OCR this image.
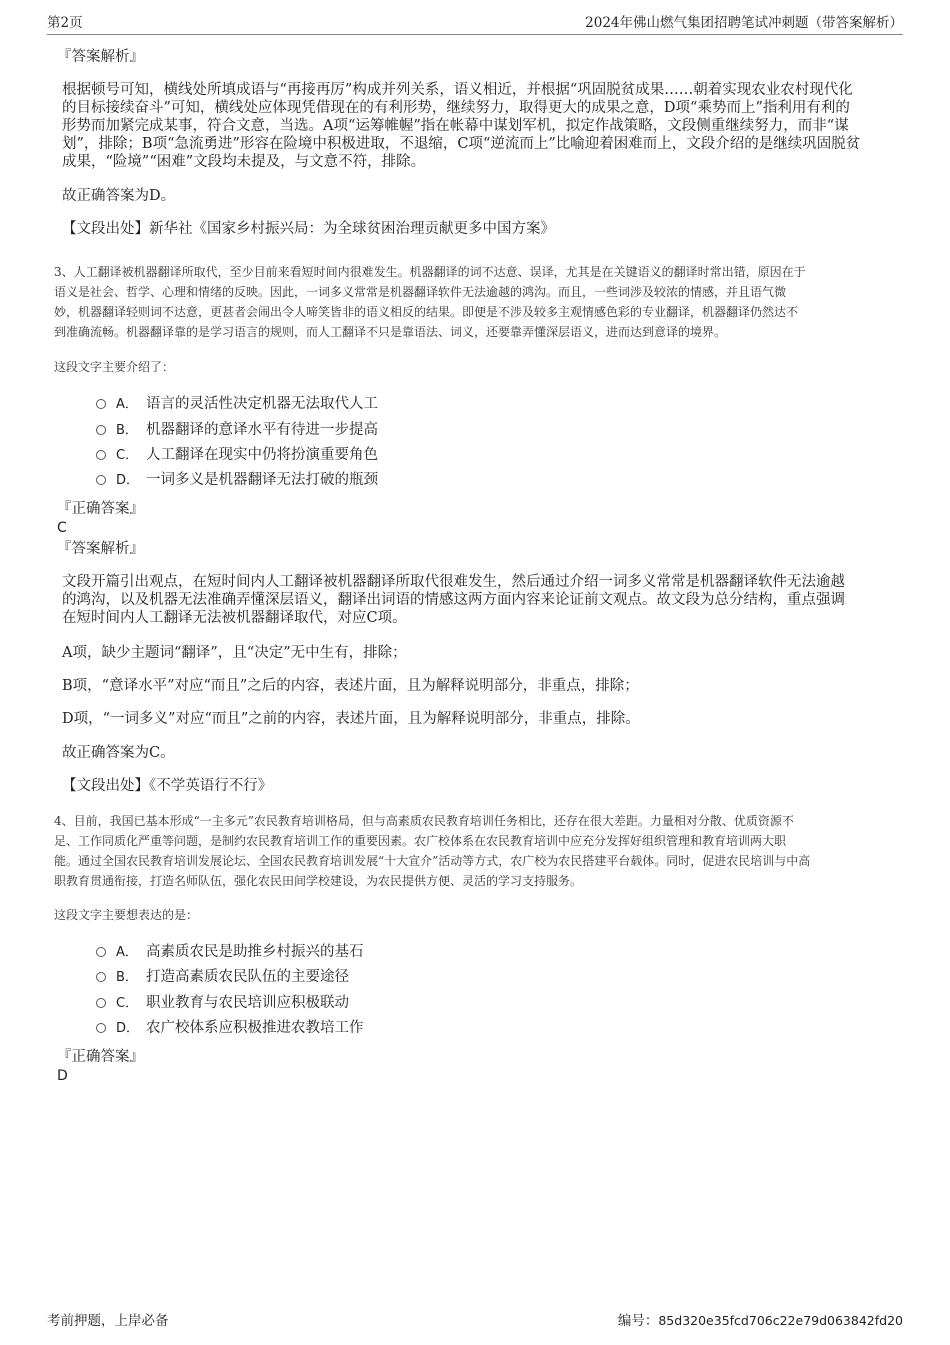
第2页	2024年佛山燃气集团招聘笔试冲刺题（带答案解析）
『答案解析』
根据顿号可知，横线处所填成语与“再接再厉”构成并列关系，语义相近，并根据“巩固脱贫成果……朝着实现农业农村现代化
的目标接续奋斗”可知，横线处应体现凭借现在的有利形势，继续努力，取得更大的成果之意，D项“乘势而上”指利用有利的
形势而加紧完成某事，符合文意，当选。A项“运筹帷幄”指在帐幕中谋划军机，拟定作战策略，文段侧重继续努力，而非“谋
划”，排除；B项“急流勇进”形容在险境中积极进取，不退缩，C项“逆流而上”比喻迎着困难而上，文段介绍的是继续巩固脱贫
成果，“险境”“困难”文段均未提及，与文意不符，排除。
故正确答案为D。
【文段出处】新华社《国家乡村振兴局：为全球贫困治理贡献更多中国方案》
3、人工翻译被机器翻译所取代，至少目前来看短时间内很难发生。机器翻译的词不达意、误译，尤其是在关键语义的翻译时常出错，原因在于
语义是社会、哲学、心理和情绪的反映。因此，一词多义常常是机器翻译软件无法逾越的鸿沟。而且，一些词涉及较浓的情感，并且语气微
妙，机器翻译轻则词不达意，更甚者会闹出令人啼笑皆非的语义相反的结果。即便是不涉及较多主观情感色彩的专业翻译，机器翻译仍然达不
到准确流畅。机器翻译靠的是学习语言的规则，而人工翻译不只是靠语法、词义，还要靠弄懂深层语义，进而达到意译的境界。
这段文字主要介绍了：
A． 语言的灵活性决定机器无法取代人工
B． 机器翻译的意译水平有待进一步提高
C． 人工翻译在现实中仍将扮演重要角色
D． 一词多义是机器翻译无法打破的瓶颈
『正确答案』
C
『答案解析』
文段开篇引出观点，在短时间内人工翻译被机器翻译所取代很难发生，然后通过介绍一词多义常常是机器翻译软件无法逾越
的鸿沟，以及机器无法准确弄懂深层语义，翻译出词语的情感这两方面内容来论证前文观点。故文段为总分结构，重点强调
在短时间内人工翻译无法被机器翻译取代，对应C项。
A项，缺少主题词“翻译”，且“决定”无中生有，排除；
B项，“意译水平”对应“而且”之后的内容，表述片面，且为解释说明部分，非重点，排除；
D项，“一词多义”对应“而且”之前的内容，表述片面，且为解释说明部分，非重点，排除。
故正确答案为C。
【文段出处】《不学英语行不行》
4、目前，我国已基本形成“一主多元”农民教育培训格局，但与高素质农民教育培训任务相比，还存在很大差距。力量相对分散、优质资源不
足、工作同质化严重等问题，是制约农民教育培训工作的重要因素。农广校体系在农民教育培训中应充分发挥好组织管理和教育培训两大职
能。通过全国农民教育培训发展论坛、全国农民教育培训发展“十大宣介”活动等方式，农广校为农民搭建平台载体。同时，促进农民培训与中高
职教育贯通衔接，打造名师队伍，强化农民田间学校建设，为农民提供方便、灵活的学习支持服务。
这段文字主要想表达的是：
A． 高素质农民是助推乡村振兴的基石
B． 打造高素质农民队伍的主要途径
C． 职业教育与农民培训应积极联动
D． 农广校体系应积极推进农教培工作
『正确答案』
D
考前押题，上岸必备	编号：85d320e35fcd706c22e79d063842fd20
